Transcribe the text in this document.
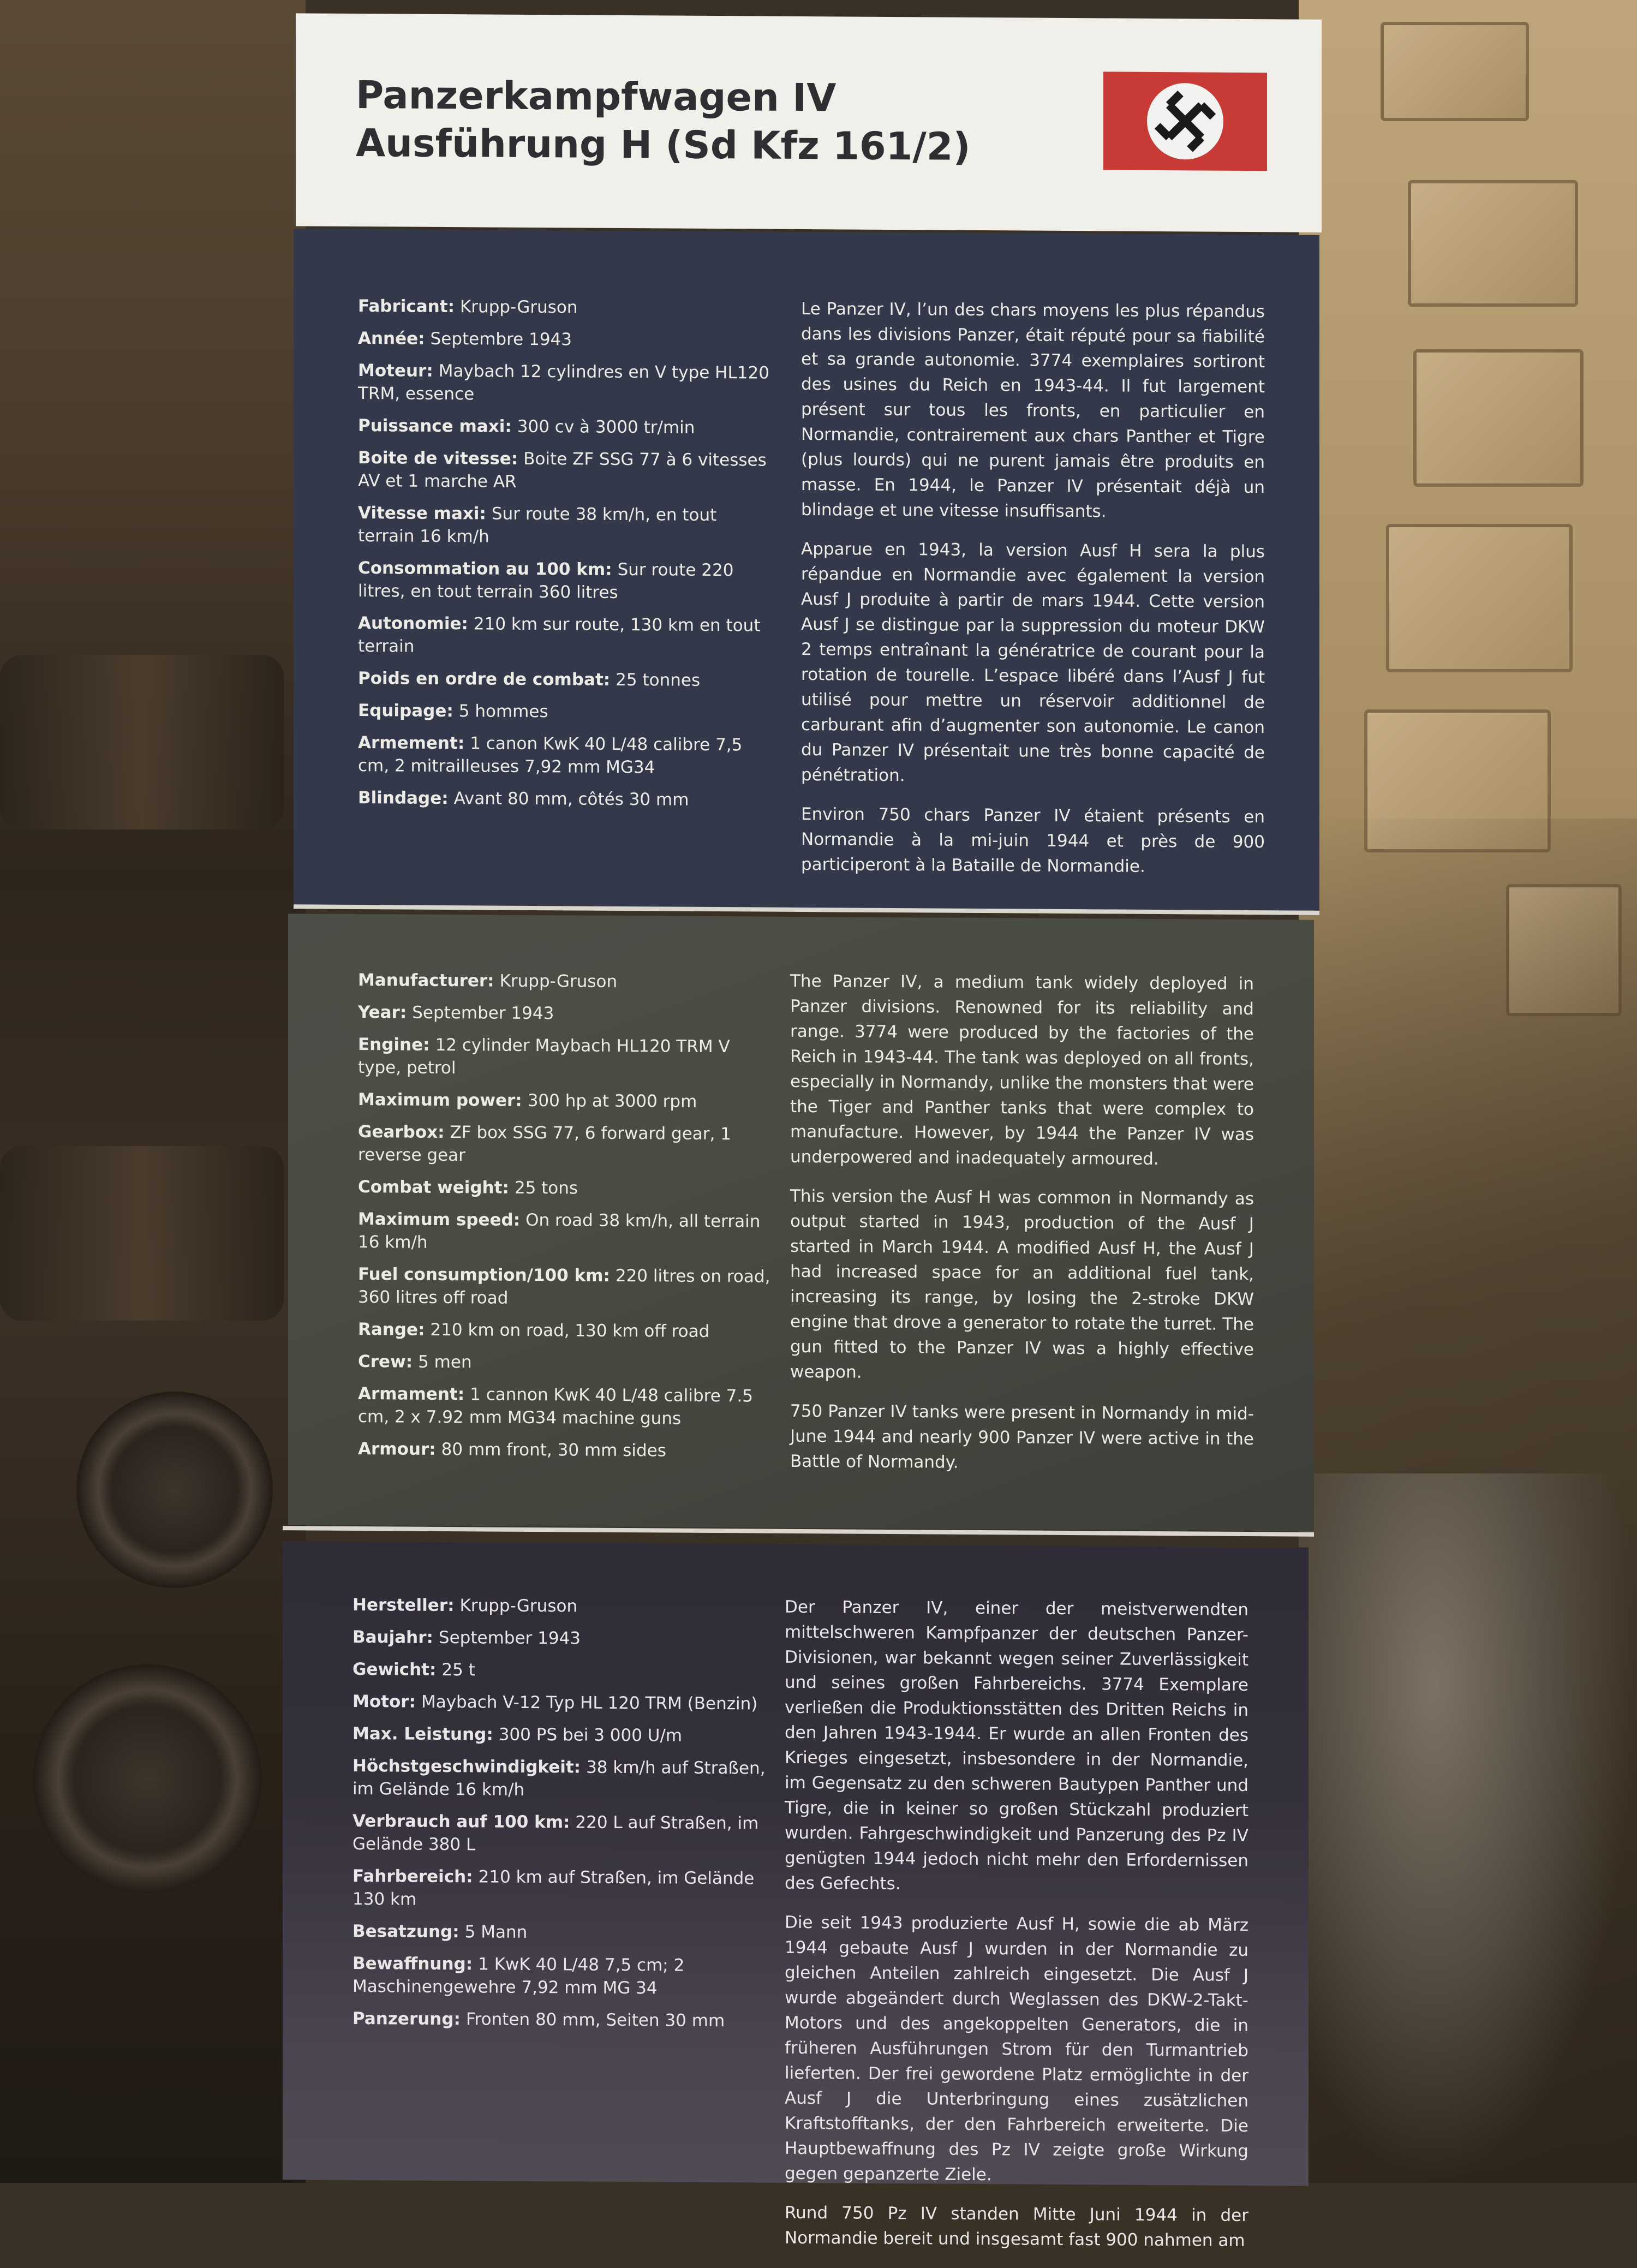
Panzerkampfwagen IV
Ausführung H (Sd Kfz 161/2)
Fabricant: Krupp-Gruson
Année: Septembre 1943
Moteur: Maybach 12 cylindres en V type HL120 TRM, essence
Puissance maxi: 300 cv à 3000 tr/min
Boite de vitesse: Boite ZF SSG 77 à 6 vitesses AV et 1 marche AR
Vitesse maxi: Sur route 38 km/h, en tout terrain 16 km/h
Consommation au 100 km: Sur route 220 litres, en tout terrain 360 litres
Autonomie: 210 km sur route, 130 km en tout terrain
Poids en ordre de combat: 25 tonnes
Equipage: 5 hommes
Armement: 1 canon KwK 40 L/48 calibre 7,5 cm, 2 mitrailleuses 7,92 mm MG34
Blindage: Avant 80 mm, côtés 30 mm

Le Panzer IV, l’un des chars moyens les plus répandus dans les divisions Panzer, était réputé pour sa fiabilité et sa grande autonomie. 3774 exemplaires sortiront des usines du Reich en 1943-44. Il fut largement présent sur tous les fronts, en particulier en Normandie, contrairement aux chars Panther et Tigre (plus lourds) qui ne purent jamais être produits en masse. En 1944, le Panzer IV présentait déjà un blindage et une vitesse insuffisants.

Apparue en 1943, la version Ausf H sera la plus répandue en Normandie avec également la version Ausf J produite à partir de mars 1944. Cette version Ausf J se distingue par la suppression du moteur DKW 2 temps entraînant la génératrice de courant pour la rotation de tourelle. L’espace libéré dans l’Ausf J fut utilisé pour mettre un réservoir additionnel de carburant afin d’augmenter son autonomie. Le canon du Panzer IV présentait une très bonne capacité de pénétration.

Environ 750 chars Panzer IV étaient présents en Normandie à la mi-juin 1944 et près de 900 participeront à la Bataille de Normandie.

Manufacturer: Krupp-Gruson
Year: September 1943
Engine: 12 cylinder Maybach HL120 TRM V type, petrol
Maximum power: 300 hp at 3000 rpm
Gearbox: ZF box SSG 77, 6 forward gear, 1 reverse gear
Combat weight: 25 tons
Maximum speed: On road 38 km/h, all terrain 16 km/h
Fuel consumption/100 km: 220 litres on road, 360 litres off road
Range: 210 km on road, 130 km off road
Crew: 5 men
Armament: 1 cannon KwK 40 L/48 calibre 7.5 cm, 2 x 7.92 mm MG34 machine guns
Armour: 80 mm front, 30 mm sides

The Panzer IV, a medium tank widely deployed in Panzer divisions. Renowned for its reliability and range. 3774 were produced by the factories of the Reich in 1943-44. The tank was deployed on all fronts, especially in Normandy, unlike the monsters that were the Tiger and Panther tanks that were complex to manufacture. However, by 1944 the Panzer IV was underpowered and inadequately armoured.

This version the Ausf H was common in Normandy as output started in 1943, production of the Ausf J started in March 1944. A modified Ausf H, the Ausf J had increased space for an additional fuel tank, increasing its range, by losing the 2-stroke DKW engine that drove a generator to rotate the turret. The gun fitted to the Panzer IV was a highly effective weapon.

750 Panzer IV tanks were present in Normandy in mid-June 1944 and nearly 900 Panzer IV were active in the Battle of Normandy.

Hersteller: Krupp-Gruson
Baujahr: September 1943
Gewicht: 25 t
Motor: Maybach V-12 Typ HL 120 TRM (Benzin)
Max. Leistung: 300 PS bei 3 000 U/m
Höchstgeschwindigkeit: 38 km/h auf Straßen, im Gelände 16 km/h
Verbrauch auf 100 km: 220 L auf Straßen, im Gelände 380 L
Fahrbereich: 210 km auf Straßen, im Gelände 130 km
Besatzung: 5 Mann
Bewaffnung: 1 KwK 40 L/48 7,5 cm; 2 Maschinengewehre 7,92 mm MG 34
Panzerung: Fronten 80 mm, Seiten 30 mm

Der Panzer IV, einer der meistverwendten mittelschweren Kampfpanzer der deutschen Panzer-Divisionen, war bekannt wegen seiner Zuverlässigkeit und seines großen Fahrbereichs. 3774 Exemplare verließen die Produktionsstätten des Dritten Reichs in den Jahren 1943-1944. Er wurde an allen Fronten des Krieges eingesetzt, insbesondere in der Normandie, im Gegensatz zu den schweren Bautypen Panther und Tigre, die in keiner so großen Stückzahl produziert wurden. Fahrgeschwindigkeit und Panzerung des Pz IV genügten 1944 jedoch nicht mehr den Erfordernissen des Gefechts.

Die seit 1943 produzierte Ausf H, sowie die ab März 1944 gebaute Ausf J wurden in der Normandie zu gleichen Anteilen zahlreich eingesetzt. Die Ausf J wurde abgeändert durch Weglassen des DKW-2-Takt-Motors und des angekoppelten Generators, die in früheren Ausführungen Strom für den Turmantrieb lieferten. Der frei gewordene Platz ermöglichte in der Ausf J die Unterbringung eines zusätzlichen Kraftstofftanks, der den Fahrbereich erweiterte. Die Hauptbewaffnung des Pz IV zeigte große Wirkung gegen gepanzerte Ziele.

Rund 750 Pz IV standen Mitte Juni 1944 in der Normandie bereit und insgesamt fast 900 nahmen am
